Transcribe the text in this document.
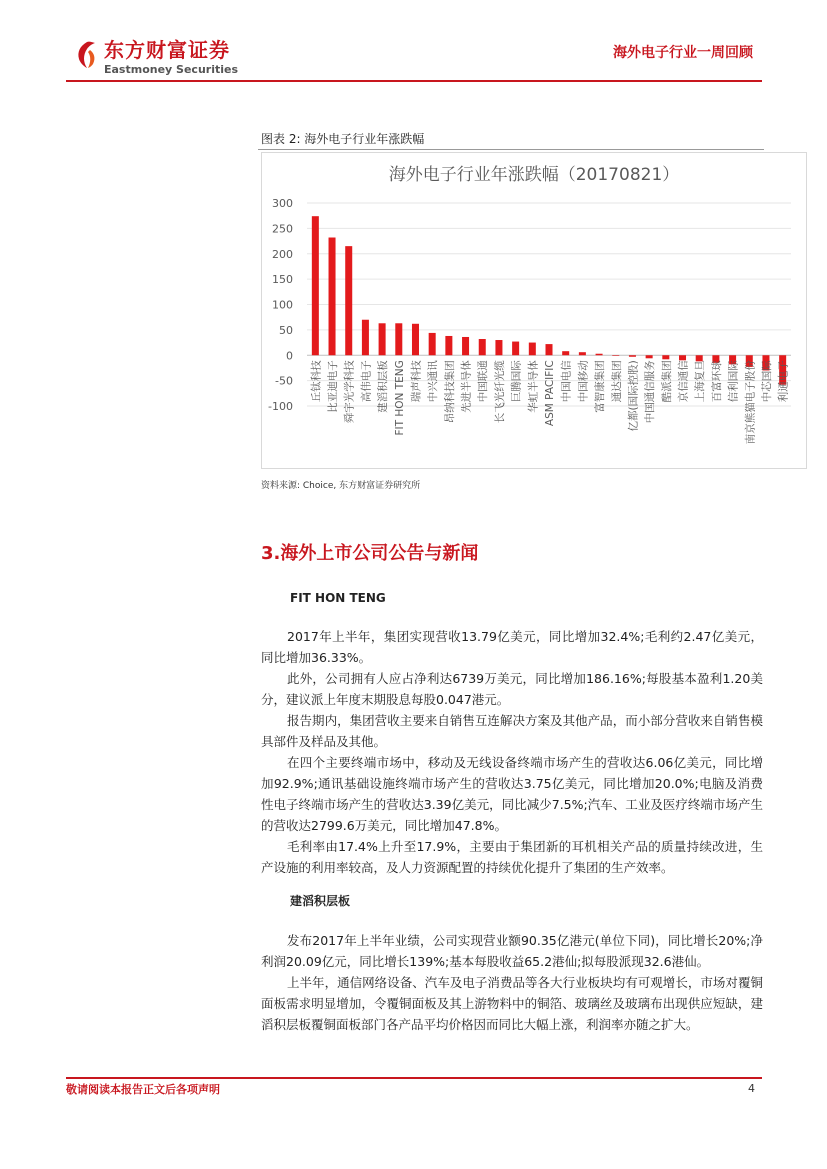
东方财富证券
Eastmoney Securities
海外电子行业一周回顾
图表 2: 海外电子行业年涨跌幅
海外电子行业年涨跌幅（20170821）
-100
-50
0
50
100
150
200
250
300
丘钛科技 比亚迪电子 舜宇光学科技 高伟电子 建滔积层板 FIT HON TENG 瑞声科技 中兴通讯 昂纳科技集团 先进半导体 中国联通 长飞光纤光缆 巨腾国际 华虹半导体 ASM PACIFIC 中国电信 中国移动 富智康集团 通达集团 亿都(国际控股) 中国通信服务 酷派集团 京信通信 上海复旦 百富环球 信利国际 南京熊猫电子股份 中芯国际 利通电子
资料来源: Choice, 东方财富证券研究所
3.海外上市公司公告与新闻
FIT HON TENG

2017年上半年，集团实现营收13.79亿美元，同比增加32.4%;毛利约2.47亿美元，同比增加36.33%。

此外，公司拥有人应占净利达6739万美元，同比增加186.16%;每股基本盈利1.20美分，建议派上年度末期股息每股0.047港元。

报告期内，集团营收主要来自销售互连解决方案及其他产品，而小部分营收来自销售模具部件及样品及其他。

在四个主要终端市场中，移动及无线设备终端市场产生的营收达6.06亿美元，同比增加92.9%;通讯基础设施终端市场产生的营收达3.75亿美元，同比增加20.0%;电脑及消费性电子终端市场产生的营收达3.39亿美元，同比减少7.5%;汽车、工业及医疗终端市场产生的营收达2799.6万美元，同比增加47.8%。

毛利率由17.4%上升至17.9%，主要由于集团新的耳机相关产品的质量持续改进，生产设施的利用率较高，及人力资源配置的持续优化提升了集团的生产效率。

建滔积层板

发布2017年上半年业绩，公司实现营业额90.35亿港元(单位下同)，同比增长20%;净利润20.09亿元，同比增长139%;基本每股收益65.2港仙;拟每股派现32.6港仙。

上半年，通信网络设备、汽车及电子消费品等各大行业板块均有可观增长，市场对覆铜面板需求明显增加，令覆铜面板及其上游物料中的铜箔、玻璃丝及玻璃布出现供应短缺，建滔积层板覆铜面板部门各产品平均价格因而同比大幅上涨，利润率亦随之扩大。

敬请阅读本报告正文后各项声明	4
